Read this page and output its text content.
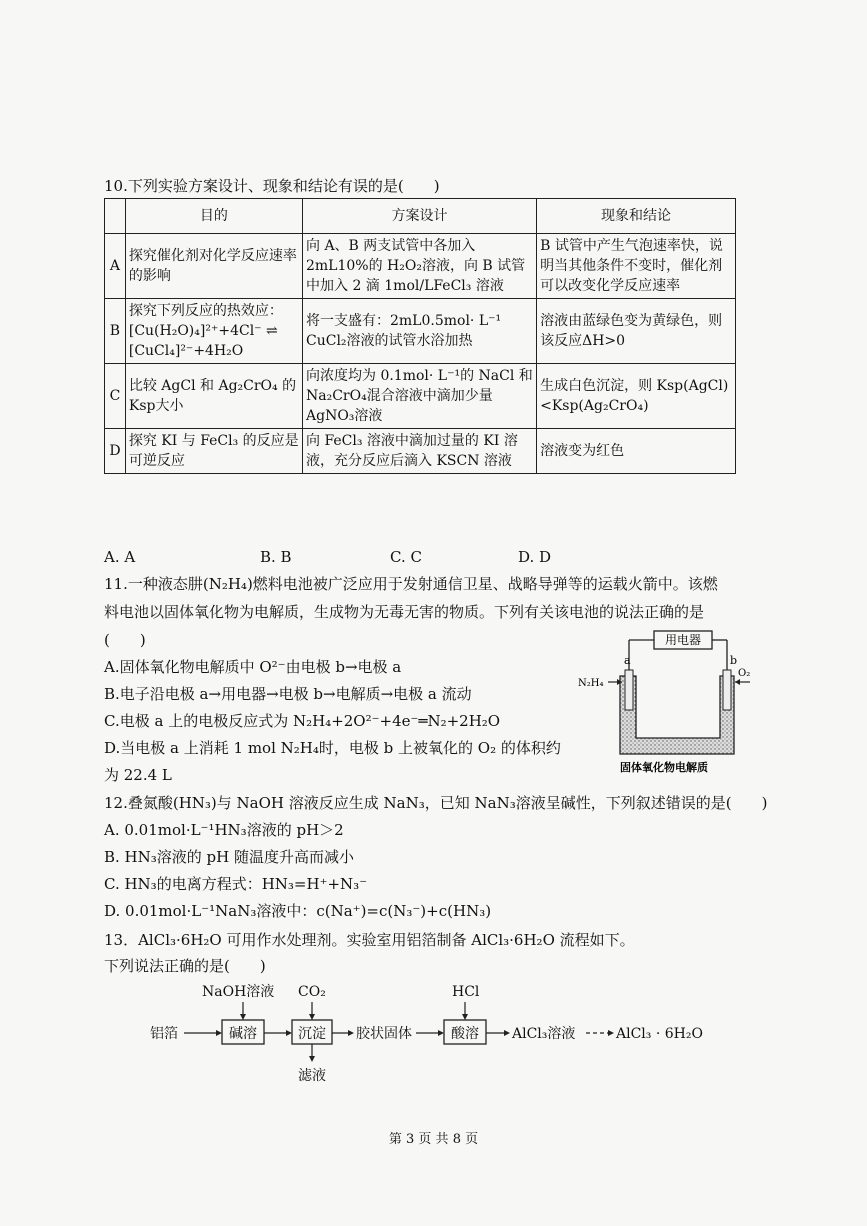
10.下列实验方案设计、现象和结论有误的是(　　)
	目的	方案设计	现象和结论
A	探究催化剂对化学反应速率的影响	向 A、B 两支试管中各加入2mL10%的 H₂O₂溶液，向 B 试管中加入 2 滴 1mol/LFeCl₃ 溶液	B 试管中产生气泡速率快，说明当其他条件不变时，催化剂可以改变化学反应速率
B	探究下列反应的热效应：[Cu(H₂O)₄]²⁺+4Cl⁻ ⇌ [CuCl₄]²⁻+4H₂O	将一支盛有：2mL0.5mol· L⁻¹ CuCl₂溶液的试管水浴加热	溶液由蓝绿色变为黄绿色，则该反应ΔH>0
C	比较 AgCl 和 Ag₂CrO₄ 的Ksp大小	向浓度均为 0.1mol· L⁻¹的 NaCl 和 Na₂CrO₄混合溶液中滴加少量AgNO₃溶液	生成白色沉淀，则 Ksp(AgCl)<Ksp(Ag₂CrO₄)
D	探究 KI 与 FeCl₃ 的反应是可逆反应	向 FeCl₃ 溶液中滴加过量的 KI 溶液，充分反应后滴入 KSCN 溶液	溶液变为红色
A. A	B. B	C. C	D. D
11.一种液态肼(N₂H₄)燃料电池被广泛应用于发射通信卫星、战略导弹等的运载火箭中。该燃
料电池以固体氧化物为电解质，生成物为无毒无害的物质。下列有关该电池的说法正确的是
(　　)
A.固体氧化物电解质中 O²⁻由电极 b→电极 a
B.电子沿电极 a→用电器→电极 b→电解质→电极 a 流动
C.电极 a 上的电极反应式为 N₂H₄+2O²⁻+4e⁻═N₂+2H₂O
D.当电极 a 上消耗 1 mol N₂H₄时，电极 b 上被氧化的 O₂ 的体积约
为 22.4 L
用电器
a	b
N₂H₄
O₂
固体氧化物电解质
12.叠氮酸(HN₃)与 NaOH 溶液反应生成 NaN₃，已知 NaN₃溶液呈碱性，下列叙述错误的是(　　)
A. 0.01mol·L⁻¹HN₃溶液的 pH＞2
B. HN₃溶液的 pH 随温度升高而减小
C. HN₃的电离方程式：HN₃=H⁺+N₃⁻
D. 0.01mol·L⁻¹NaN₃溶液中：c(Na⁺)=c(N₃⁻)+c(HN₃)
13．AlCl₃·6H₂O 可用作水处理剂。实验室用铝箔制备 AlCl₃·6H₂O 流程如下。
下列说法正确的是(　　)
铝箔	碱溶
NaOH溶液
沉淀
CO₂
滤液
胶状固体	酸溶
HCl
AlCl₃溶液	AlCl₃ · 6H₂O
第 3 页 共 8 页
